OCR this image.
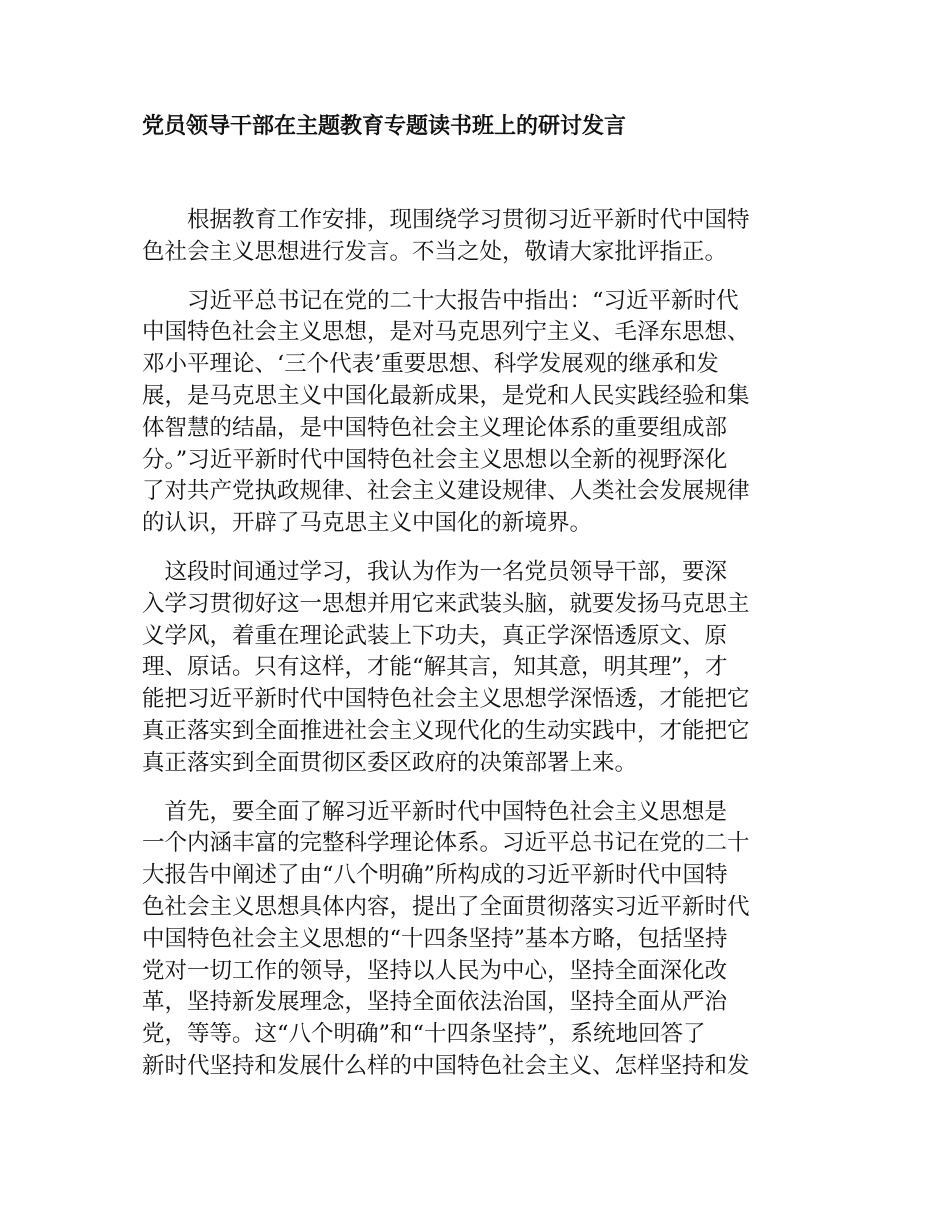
党员领导干部在主题教育专题读书班上的研讨发言

　　根据教育工作安排，现围绕学习贯彻习近平新时代中国特
色社会主义思想进行发言。不当之处，敬请大家批评指正。

　　习近平总书记在党的二十大报告中指出：“习近平新时代
中国特色社会主义思想，是对马克思列宁主义、毛泽东思想、
邓小平理论、‘三个代表’重要思想、科学发展观的继承和发
展，是马克思主义中国化最新成果，是党和人民实践经验和集
体智慧的结晶，是中国特色社会主义理论体系的重要组成部
分。”习近平新时代中国特色社会主义思想以全新的视野深化
了对共产党执政规律、社会主义建设规律、人类社会发展规律
的认识，开辟了马克思主义中国化的新境界。

　这段时间通过学习，我认为作为一名党员领导干部，要深
入学习贯彻好这一思想并用它来武装头脑，就要发扬马克思主
义学风，着重在理论武装上下功夫，真正学深悟透原文、原
理、原话。只有这样，才能“解其言，知其意，明其理”，才
能把习近平新时代中国特色社会主义思想学深悟透，才能把它
真正落实到全面推进社会主义现代化的生动实践中，才能把它
真正落实到全面贯彻区委区政府的决策部署上来。

　首先，要全面了解习近平新时代中国特色社会主义思想是
一个内涵丰富的完整科学理论体系。习近平总书记在党的二十
大报告中阐述了由“八个明确”所构成的习近平新时代中国特
色社会主义思想具体内容，提出了全面贯彻落实习近平新时代
中国特色社会主义思想的“十四条坚持”基本方略，包括坚持
党对一切工作的领导，坚持以人民为中心，坚持全面深化改
革，坚持新发展理念，坚持全面依法治国，坚持全面从严治
党，等等。这“八个明确”和“十四条坚持”，系统地回答了
新时代坚持和发展什么样的中国特色社会主义、怎样坚持和发
